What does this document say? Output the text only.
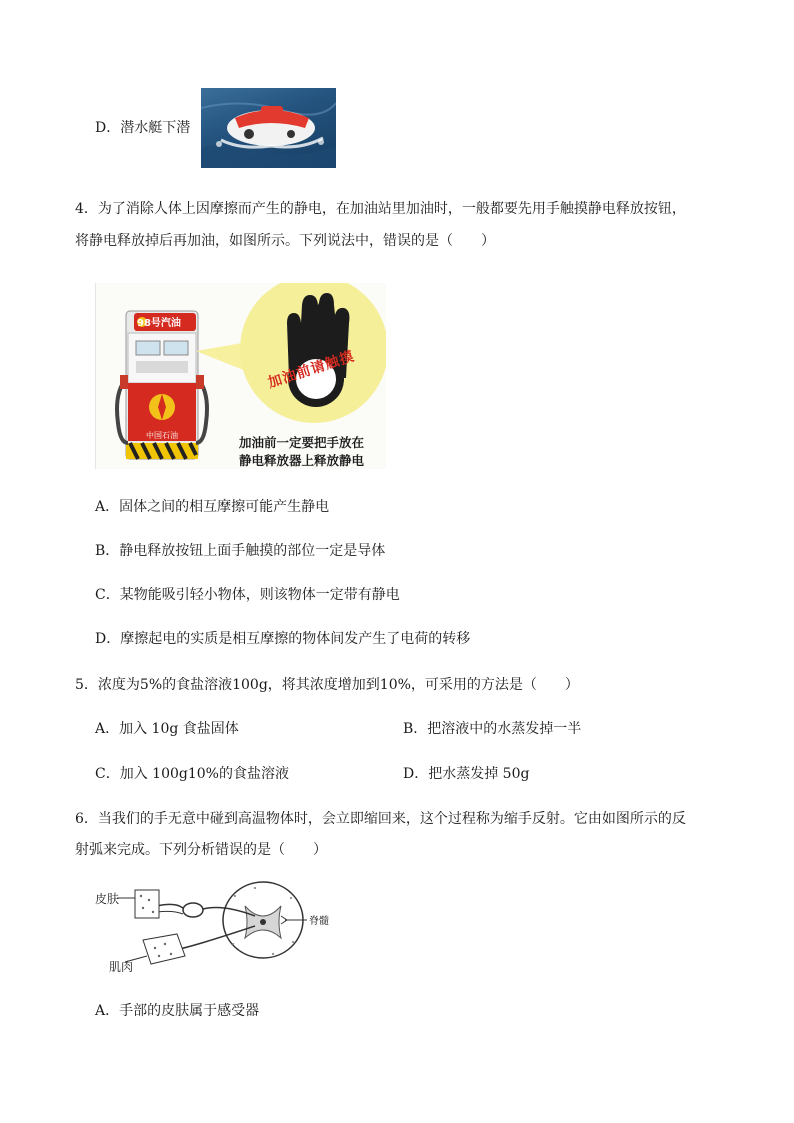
D．潜水艇下潜
4．为了消除人体上因摩擦而产生的静电，在加油站里加油时，一般都要先用手触摸静电释放按钮，
将静电释放掉后再加油，如图所示。下列说法中，错误的是（　　）
98号汽油
中国石油
加油前请触摸
加油前一定要把手放在
静电释放器上释放静电
A．固体之间的相互摩擦可能产生静电
B．静电释放按钮上面手触摸的部位一定是导体
C．某物能吸引轻小物体，则该物体一定带有静电
D．摩擦起电的实质是相互摩擦的物体间发产生了电荷的转移
5．浓度为5%的食盐溶液100g，将其浓度增加到10%，可采用的方法是（　　）
A．加入 10g 食盐固体	B．把溶液中的水蒸发掉一半
C．加入 100g10%的食盐溶液	D．把水蒸发掉 50g
6．当我们的手无意中碰到高温物体时，会立即缩回来，这个过程称为缩手反射。它由如图所示的反
射弧来完成。下列分析错误的是（　　）
皮肤
肌肉
脊髓
A．手部的皮肤属于感受器
